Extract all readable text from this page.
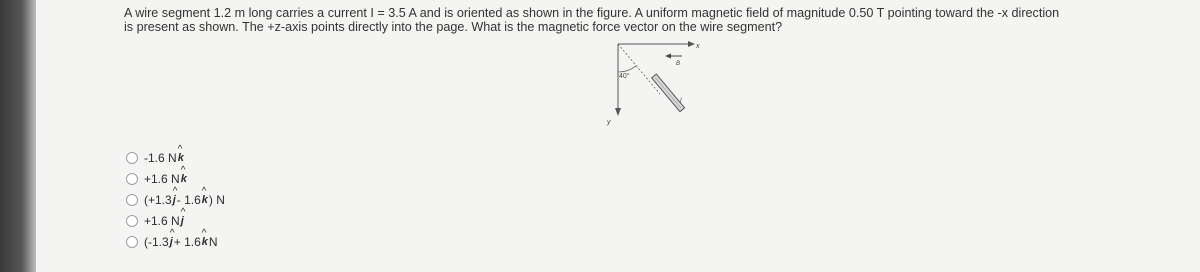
A wire segment 1.2 m long carries a current I = 3.5 A and is oriented as shown in the figure. A uniform magnetic field of magnitude 0.50 T pointing toward the -x direction
is present as shown. The +z-axis points directly into the page. What is the magnetic force vector on the wire segment?
x
y
40°
B
I
-1.6 N ^ k
+1.6 N ^ k
(+1.3 ^ j - 1.6 ^ k ) N
+1.6 N ^ j
(-1.3 ^ j + 1.6 ^ k N
